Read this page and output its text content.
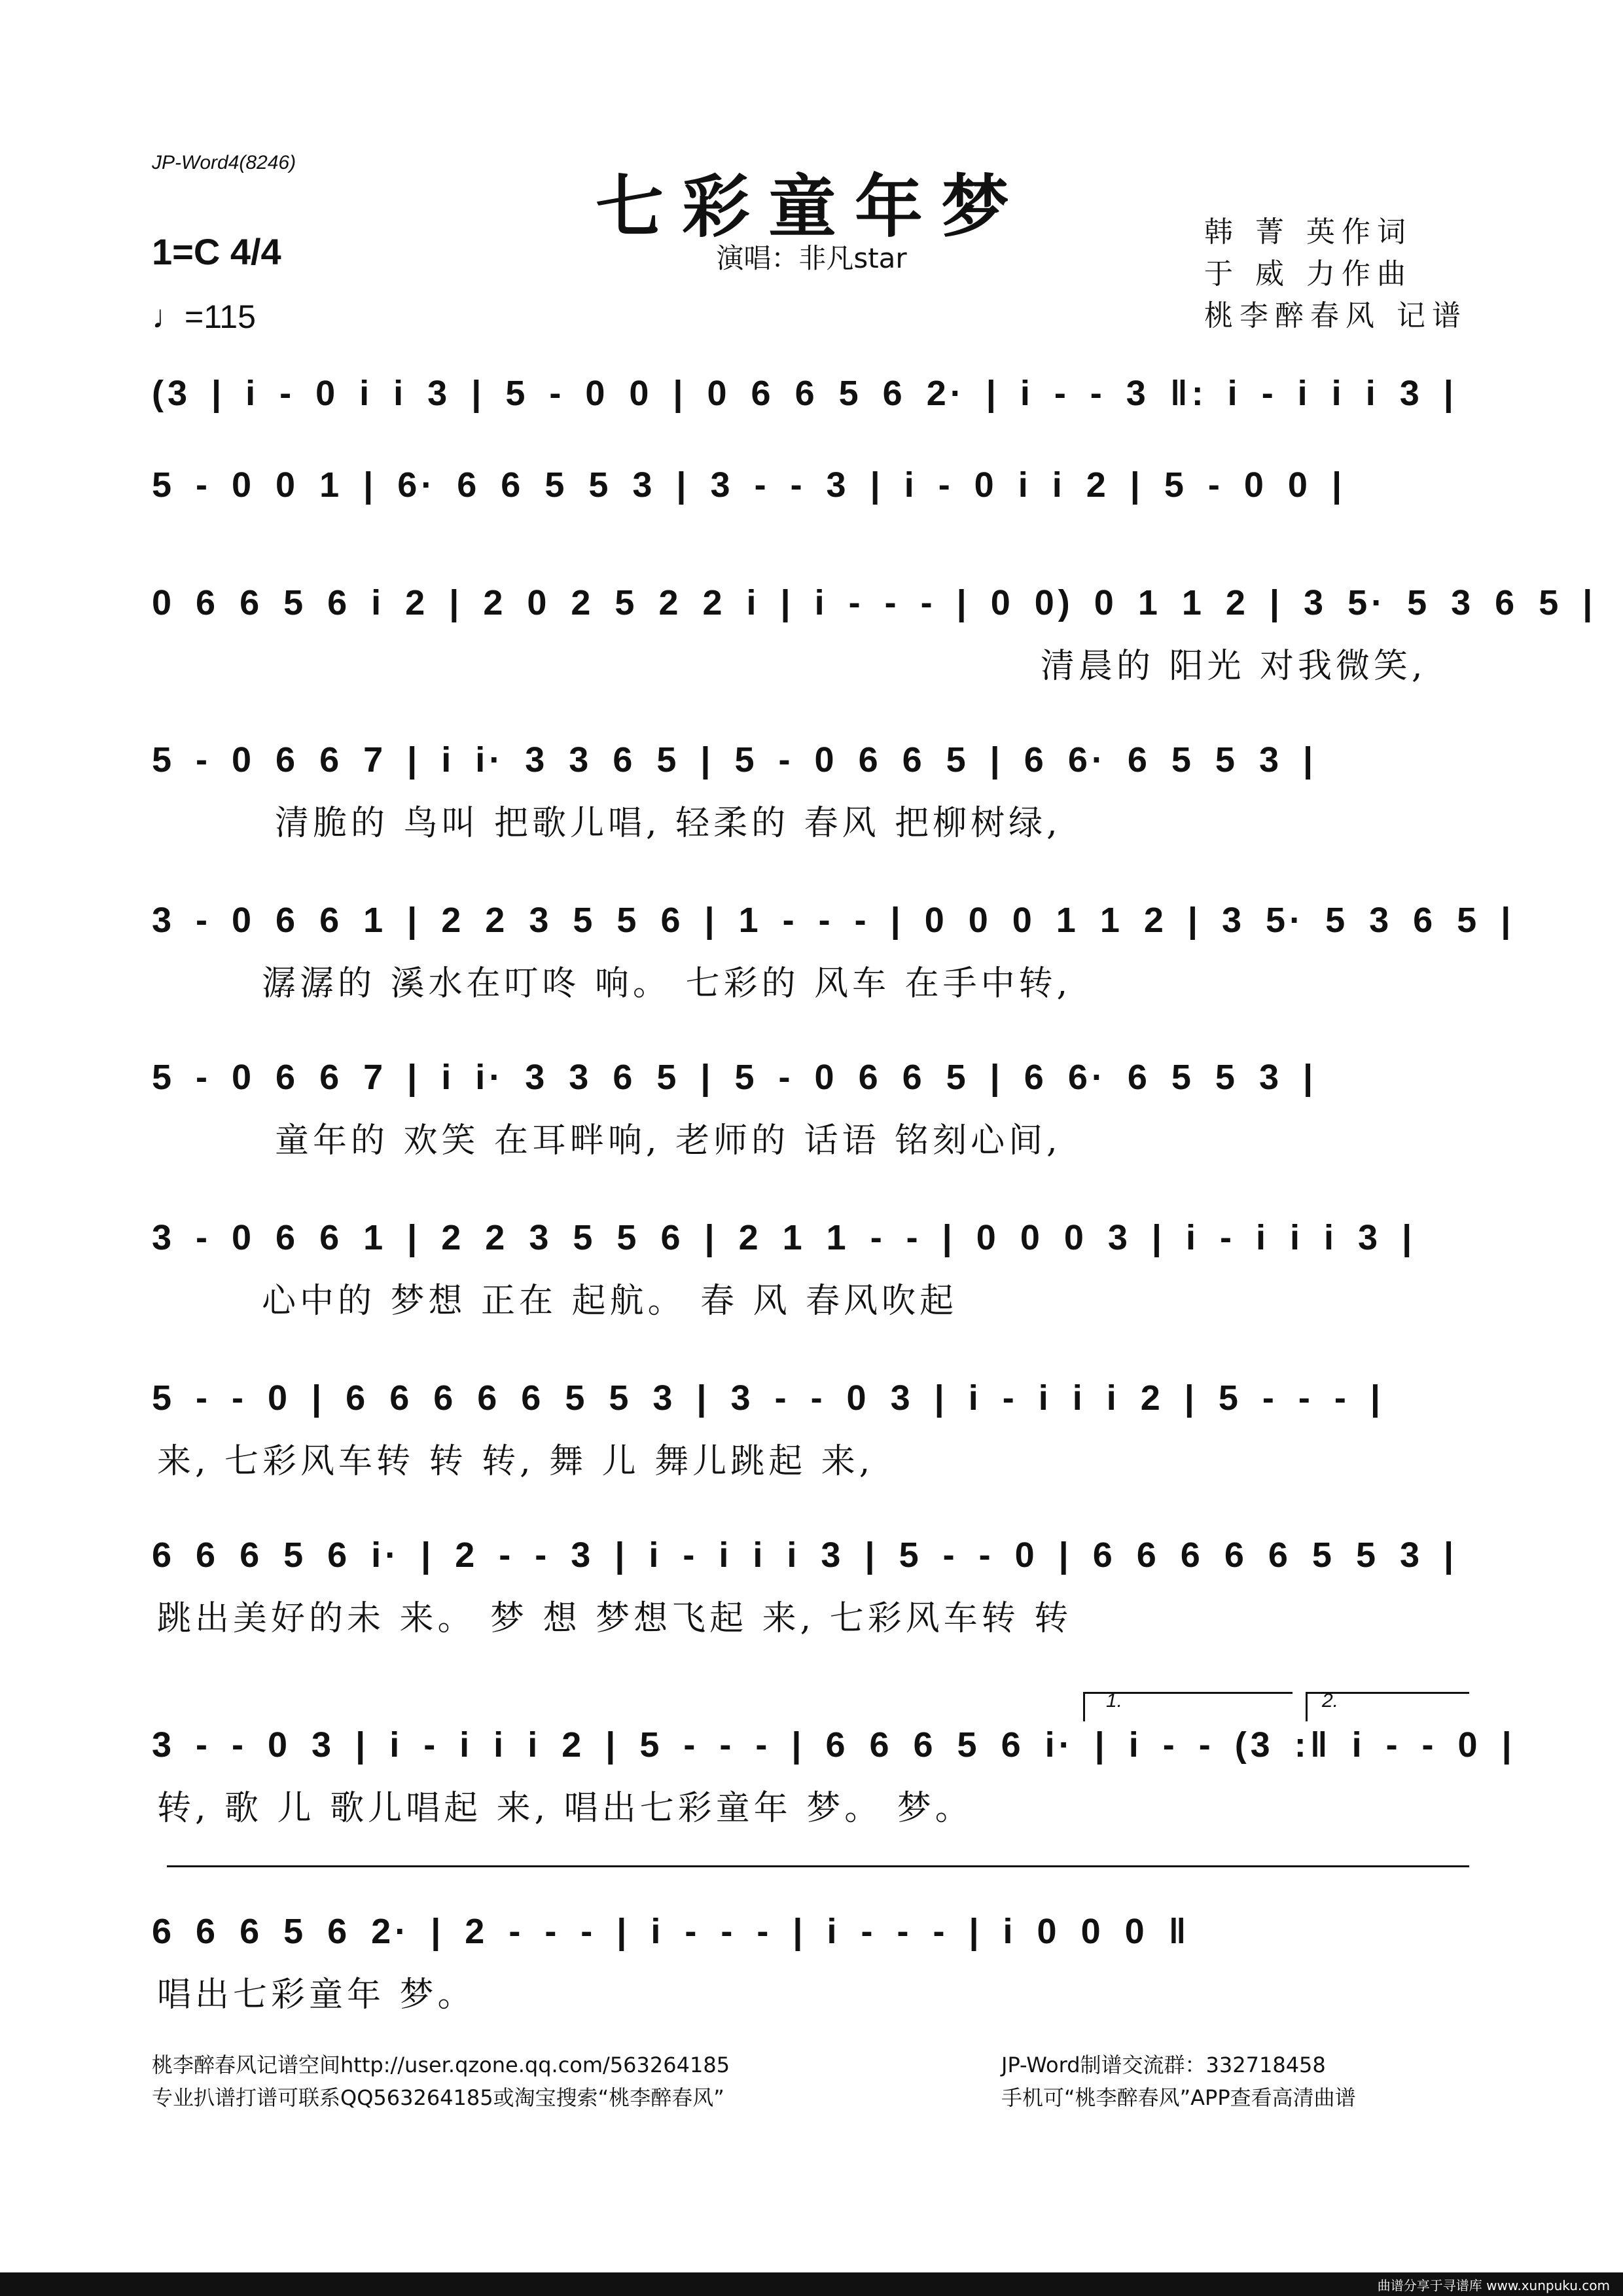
JP-Word4(8246)
七彩童年梦
演唱：非凡star
韩 菁 英作词
于 威 力作曲
桃李醉春风 记谱
1=C 4/4
♩=115
(3 | i - 0 i i 3 | 5 - 0 0 | 0 6 6 5 6 2· | i - - 3 ‖: i - i i i 3 |
5 - 0 0 1 | 6· 6 6 5 5 3 | 3 - - 3 | i - 0 i i 2 | 5 - 0 0 |
0 6 6 5 6 i 2 | 2 0 2 5 2 2 i | i - - - | 0 0) 0 1 1 2 | 3 5· 5 3 6 5 |
清晨的 阳光 对我微笑,
5 - 0 6 6 7 | i i· 3 3 6 5 | 5 - 0 6 6 5 | 6 6· 6 5 5 3 |
清脆的 鸟叫 把歌儿唱, 轻柔的 春风 把柳树绿,
3 - 0 6 6 1 | 2 2 3 5 5 6 | 1 - - - | 0 0 0 1 1 2 | 3 5· 5 3 6 5 |
潺潺的 溪水在叮咚 响。 七彩的 风车 在手中转,
5 - 0 6 6 7 | i i· 3 3 6 5 | 5 - 0 6 6 5 | 6 6· 6 5 5 3 |
童年的 欢笑 在耳畔响, 老师的 话语 铭刻心间,
3 - 0 6 6 1 | 2 2 3 5 5 6 | 2 1 1 - - | 0 0 0 3 | i - i i i 3 |
心中的 梦想 正在 起航。 春 风 春风吹起
5 - - 0 | 6 6 6 6 6 5 5 3 | 3 - - 0 3 | i - i i i 2 | 5 - - - |
来, 七彩风车转 转 转, 舞 儿 舞儿跳起 来,
6 6 6 5 6 i· | 2 - - 3 | i - i i i 3 | 5 - - 0 | 6 6 6 6 6 5 5 3 |
跳出美好的未 来。 梦 想 梦想飞起 来, 七彩风车转 转
1.	2.
3 - - 0 3 | i - i i i 2 | 5 - - - | 6 6 6 5 6 i· | i - - (3 :‖ i - - 0 |
转, 歌 儿 歌儿唱起 来, 唱出七彩童年 梦。 梦。
6 6 6 5 6 2· | 2 - - - | i - - - | i - - - | i 0 0 0 ‖
唱出七彩童年 梦。
桃李醉春风记谱空间http://user.qzone.qq.com/563264185
专业扒谱打谱可联系QQ563264185或淘宝搜索“桃李醉春风”
JP-Word制谱交流群：332718458
手机可“桃李醉春风”APP查看高清曲谱
曲谱分享于寻谱库 www.xunpuku.com
